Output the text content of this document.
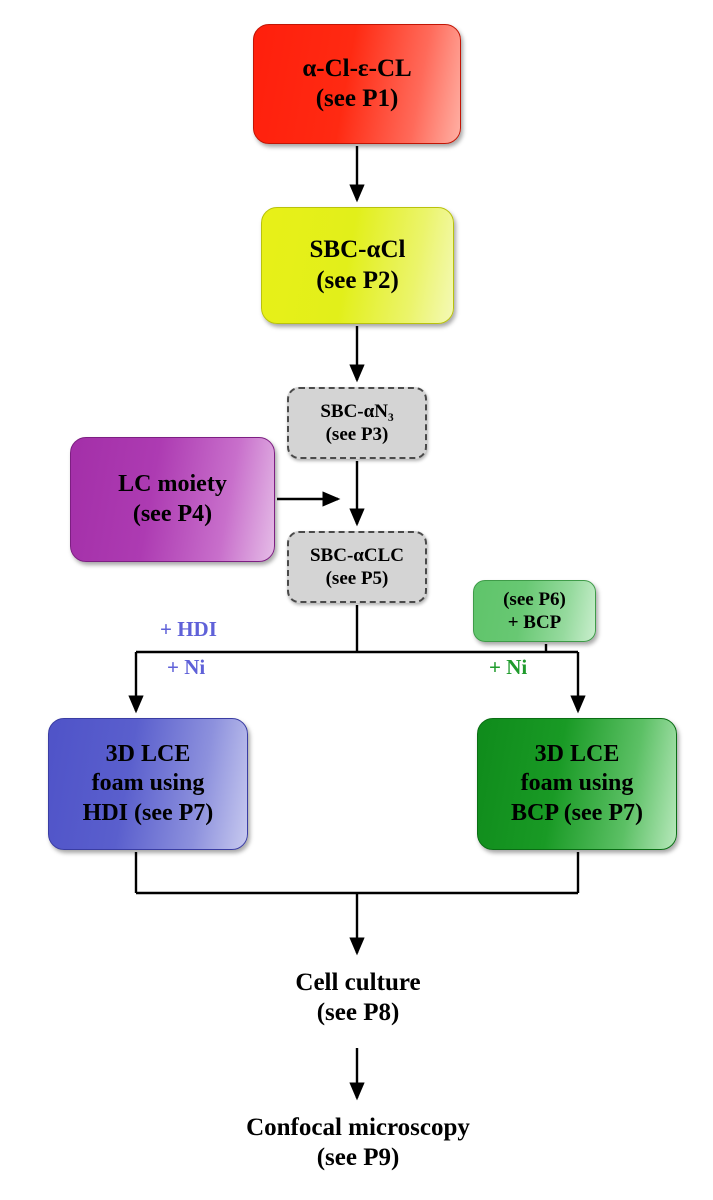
α-Cl-ε-CL
(see P1)
SBC-αCl
(see P2)
SBC-αN₃
(see P3)
LC moiety
(see P4)
SBC-αCLC
(see P5)
(see P6)
+ BCP
3D LCE
foam using
HDI (see P7)
3D LCE
foam using
BCP (see P7)
Cell culture
(see P8)
Confocal microscopy
(see P9)
+ HDI
+ Ni	+ Ni
